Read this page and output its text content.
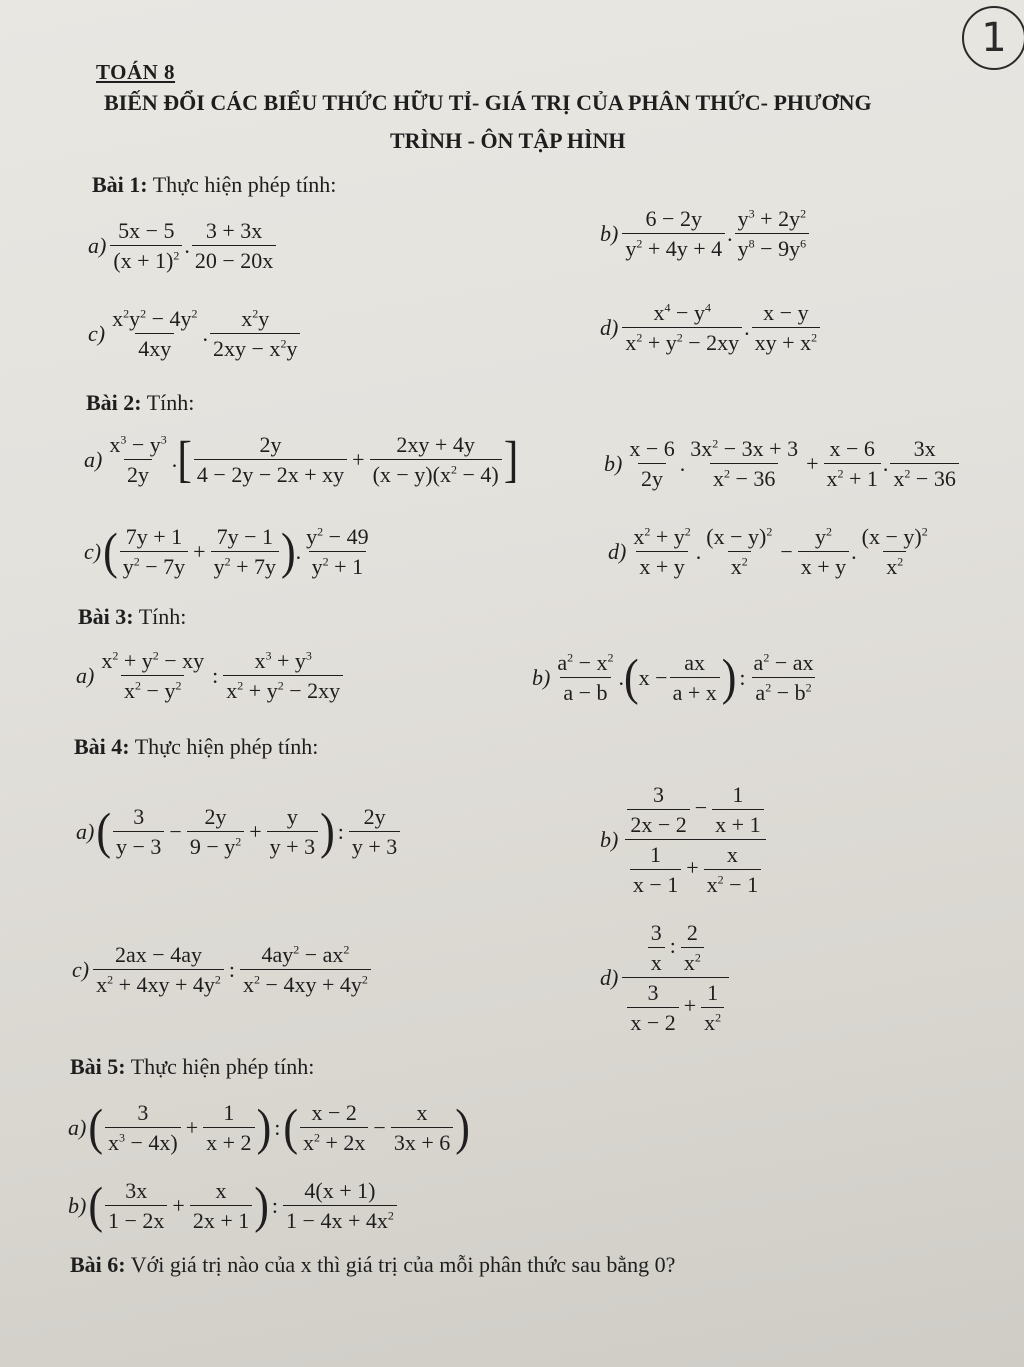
1
TOÁN 8
BIẾN ĐỔI CÁC BIỂU THỨC HỮU TỈ- GIÁ TRỊ CỦA PHÂN THỨC- PHƯƠNG
TRÌNH - ÔN TẬP HÌNH
Bài 1: Thực hiện phép tính:
$a) \frac{5x - 5}{(x + 1)^2}$ . $\frac{3 + 3x}{20 - 20x}$	$b) \frac{6 - 2y}{y^2 + 4y + 4}$ . $\frac{y^3 + 2y^2}{y^8 - 9y^6}$
$c) \frac{x^2y^2 - 4y^2}{4xy}$ . $\frac{x^2y}{2xy - x^2y}$	$d) \frac{x^4 - y^4}{x^2 + y^2 - 2xy}$ . $\frac{x - y}{xy + x^2}$
Bài 2: Tính:
$a) \frac{x^3 - y^3}{2y}$ . [ $\frac{2y}{4 - 2y - 2x + xy} + \frac{2xy + 4y}{(x - y)(x^2 - 4)}$ ]	$b) \frac{x - 6}{2y}$ . $\frac{3x^2 - 3x + 3}{x^2 - 36} + \frac{x - 6}{x^2 + 1}$ . $\frac{3x}{x^2 - 36}$
c) ( $\frac{7y + 1}{y^2 - 7y} + \frac{7y - 1}{y^2 + 7y}$ ) . $\frac{y^2 - 49}{y^2 + 1}$	$d) \frac{x^2 + y^2}{x + y}$ . $\frac{(x - y)^2}{x^2} - \frac{y^2}{x + y}$ . $\frac{(x - y)^2}{x^2}$
Bài 3: Tính:
$a) \frac{x^2 + y^2 - xy}{x^2 - y^2}$ : $\frac{x^3 + y^3}{x^2 + y^2 - 2xy}$	$b) \frac{a^2 - x^2}{a - b}$ . ( $x - \frac{ax}{a + x}$ ) : $\frac{a^2 - ax}{a^2 - b^2}$
Bài 4: Thực hiện phép tính:
a) ( $\frac{3}{y - 3} - \frac{2y}{9 - y^2} + \frac{y}{y + 3}$ ) : $\frac{2y}{y + 3}$	$b) \frac{\frac{3}{2x - 2} - \frac{1}{x + 1}}{\frac{1}{x - 1} + \frac{x}{x^2 - 1}}$
$c) \frac{2ax - 4ay}{x^2 + 4xy + 4y^2}$ : $\frac{4ay^2 - ax^2}{x^2 - 4xy + 4y^2}$	$d) \frac{\frac{3}{x} : \frac{2}{x^2}}{\frac{3}{x - 2} + \frac{1}{x^2}}$
Bài 5: Thực hiện phép tính:
a) ( $\frac{3}{x^3 - 4x)} + \frac{1}{x + 2}$ ) : ( $\frac{x - 2}{x^2 + 2x} - \frac{x}{3x + 6}$ )
b) ( $\frac{3x}{1 - 2x} + \frac{x}{2x + 1}$ ) : $\frac{4(x + 1)}{1 - 4x + 4x^2}$
Bài 6: Với giá trị nào của x thì giá trị của mỗi phân thức sau bằng 0?
